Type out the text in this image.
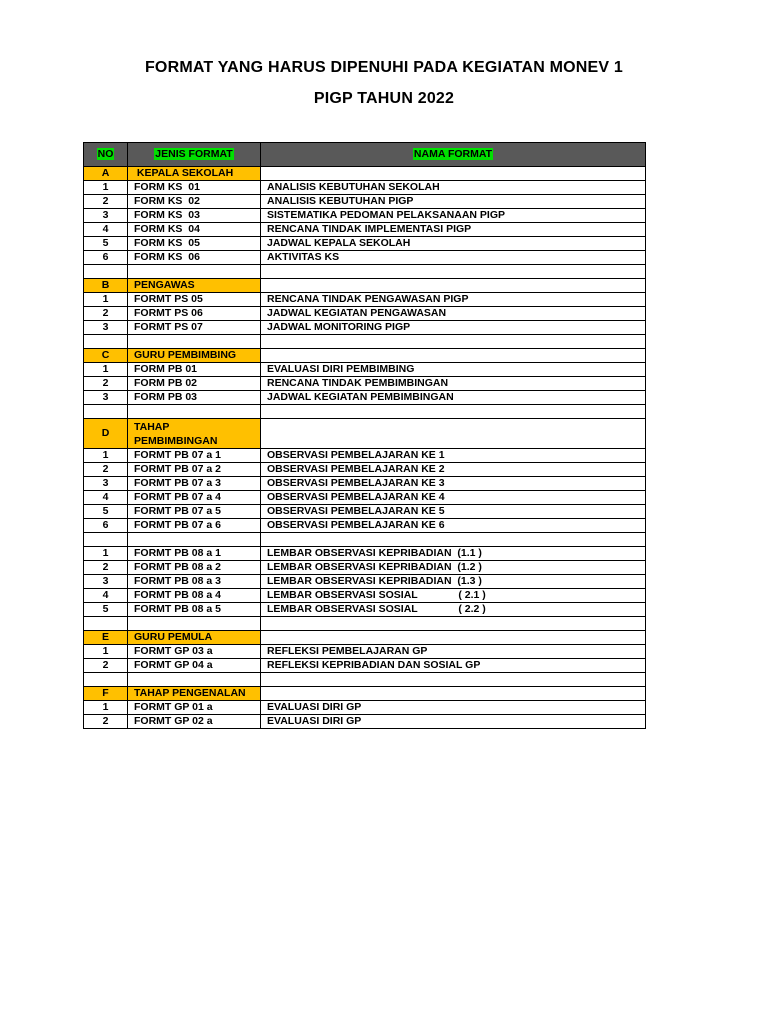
FORMAT YANG HARUS DIPENUHI PADA KEGIATAN MONEV 1
PIGP TAHUN 2022
NO	JENIS FORMAT	NAMA FORMAT
A	KEPALA SEKOLAH	
1	FORM KS  01	ANALISIS KEBUTUHAN SEKOLAH
2	FORM KS  02	ANALISIS KEBUTUHAN PIGP
3	FORM KS  03	SISTEMATIKA PEDOMAN PELAKSANAAN PIGP
4	FORM KS  04	RENCANA TINDAK IMPLEMENTASI PIGP
5	FORM KS  05	JADWAL KEPALA SEKOLAH
6	FORM KS  06	AKTIVITAS KS

B	PENGAWAS	
1	FORMT PS 05	RENCANA TINDAK PENGAWASAN PIGP
2	FORMT PS 06	JADWAL KEGIATAN PENGAWASAN
3	FORMT PS 07	JADWAL MONITORING PIGP

C	GURU PEMBIMBING	
1	FORM PB 01	EVALUASI DIRI PEMBIMBING
2	FORM PB 02	RENCANA TINDAK PEMBIMBINGAN
3	FORM PB 03	JADWAL KEGIATAN PEMBIMBINGAN

D	TAHAP PEMBIMBINGAN	
1	FORMT PB 07 a 1	OBSERVASI PEMBELAJARAN KE 1
2	FORMT PB 07 a 2	OBSERVASI PEMBELAJARAN KE 2
3	FORMT PB 07 a 3	OBSERVASI PEMBELAJARAN KE 3
4	FORMT PB 07 a 4	OBSERVASI PEMBELAJARAN KE 4
5	FORMT PB 07 a 5	OBSERVASI PEMBELAJARAN KE 5
6	FORMT PB 07 a 6	OBSERVASI PEMBELAJARAN KE 6

1	FORMT PB 08 a 1	LEMBAR OBSERVASI KEPRIBADIAN  (1.1 )
2	FORMT PB 08 a 2	LEMBAR OBSERVASI KEPRIBADIAN  (1.2 )
3	FORMT PB 08 a 3	LEMBAR OBSERVASI KEPRIBADIAN  (1.3 )
4	FORMT PB 08 a 4	LEMBAR OBSERVASI SOSIAL              ( 2.1 )
5	FORMT PB 08 a 5	LEMBAR OBSERVASI SOSIAL              ( 2.2 )

E	GURU PEMULA	
1	FORMT GP 03 a	REFLEKSI PEMBELAJARAN GP
2	FORMT GP 04 a	REFLEKSI KEPRIBADIAN DAN SOSIAL GP

F	TAHAP PENGENALAN	
1	FORMT GP 01 a	EVALUASI DIRI GP
2	FORMT GP 02 a	EVALUASI DIRI GP
